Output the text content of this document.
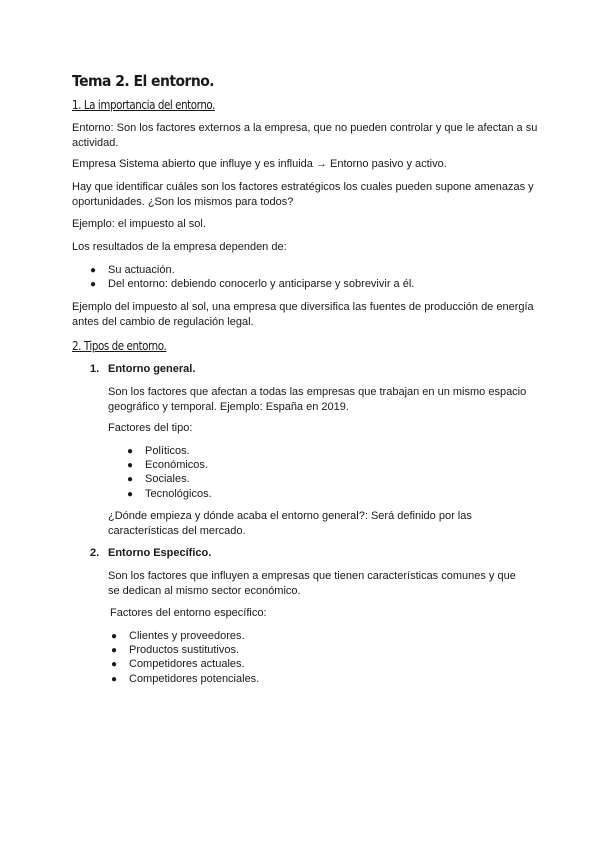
Tema 2. El entorno.
1. La importancia del entorno.
Entorno: Son los factores externos a la empresa, que no pueden controlar y que le afectan a su actividad.
Empresa Sistema abierto que influye y es influida → Entorno pasivo y activo.
Hay que identificar cuáles son los factores estratégicos los cuales pueden supone amenazas y oportunidades. ¿Son los mismos para todos?
Ejemplo: el impuesto al sol.
Los resultados de la empresa dependen de:
● Su actuación.
● Del entorno: debiendo conocerlo y anticiparse y sobrevivir a él.
Ejemplo del impuesto al sol, una empresa que diversifica las fuentes de producción de energía antes del cambio de regulación legal.
2. Tipos de entorno.
1. Entorno general.
Son los factores que afectan a todas las empresas que trabajan en un mismo espacio geográfico y temporal. Ejemplo: España en 2019.
Factores del tipo:
● Políticos.
● Económicos.
● Sociales.
● Tecnológicos.
¿Dónde empieza y dónde acaba el entorno general?: Será definido por las características del mercado.
2. Entorno Específico.
Son los factores que influyen a empresas que tienen características comunes y que se dedican al mismo sector económico.
Factores del entorno específico:
● Clientes y proveedores.
● Productos sustitutivos.
● Competidores actuales.
● Competidores potenciales.
